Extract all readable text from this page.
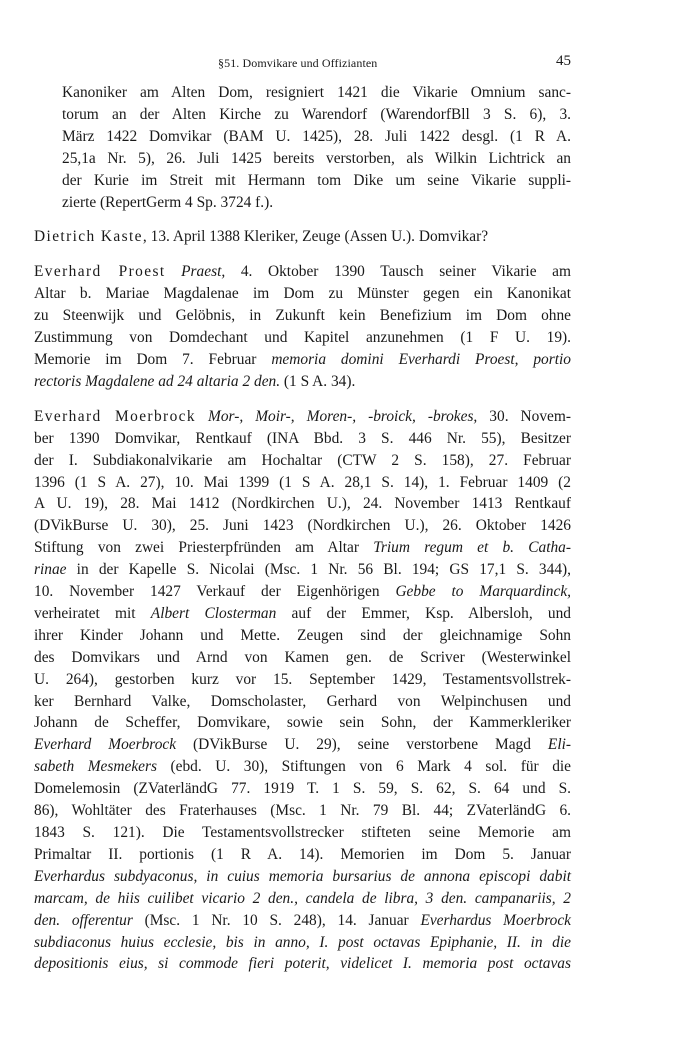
§51. Domvikare und Offizianten	45
Kanoniker am Alten Dom, resigniert 1421 die Vikarie Omnium sanc-
torum an der Alten Kirche zu Warendorf (WarendorfBll 3 S. 6), 3.
März 1422 Domvikar (BAM U. 1425), 28. Juli 1422 desgl. (1 R A.
25,1a Nr. 5), 26. Juli 1425 bereits verstorben, als Wilkin Lichtrick an
der Kurie im Streit mit Hermann tom Dike um seine Vikarie suppli-
zierte (RepertGerm 4 Sp. 3724 f.).
Dietrich Kaste, 13. April 1388 Kleriker, Zeuge (Assen U.). Domvikar?
Everhard Proest Praest, 4. Oktober 1390 Tausch seiner Vikarie am
Altar b. Mariae Magdalenae im Dom zu Münster gegen ein Kanonikat
zu Steenwijk und Gelöbnis, in Zukunft kein Benefizium im Dom ohne
Zustimmung von Domdechant und Kapitel anzunehmen (1 F U. 19).
Memorie im Dom 7. Februar memoria domini Everhardi Proest, portio
rectoris Magdalene ad 24 altaria 2 den. (1 S A. 34).
Everhard Moerbrock Mor-, Moir-, Moren-, -broick, -brokes, 30. Novem-
ber 1390 Domvikar, Rentkauf (INA Bbd. 3 S. 446 Nr. 55), Besitzer
der I. Subdiakonalvikarie am Hochaltar (CTW 2 S. 158), 27. Februar
1396 (1 S A. 27), 10. Mai 1399 (1 S A. 28,1 S. 14), 1. Februar 1409 (2
A U. 19), 28. Mai 1412 (Nordkirchen U.), 24. November 1413 Rentkauf
(DVikBurse U. 30), 25. Juni 1423 (Nordkirchen U.), 26. Oktober 1426
Stiftung von zwei Priesterpfründen am Altar Trium regum et b. Catha-
rinae in der Kapelle S. Nicolai (Msc. 1 Nr. 56 Bl. 194; GS 17,1 S. 344),
10. November 1427 Verkauf der Eigenhörigen Gebbe to Marquardinck,
verheiratet mit Albert Closterman auf der Emmer, Ksp. Albersloh, und
ihrer Kinder Johann und Mette. Zeugen sind der gleichnamige Sohn
des Domvikars und Arnd von Kamen gen. de Scriver (Westerwinkel
U. 264), gestorben kurz vor 15. September 1429, Testamentsvollstrek-
ker Bernhard Valke, Domscholaster, Gerhard von Welpinchusen und
Johann de Scheffer, Domvikare, sowie sein Sohn, der Kammerkleriker
Everhard Moerbrock (DVikBurse U. 29), seine verstorbene Magd Eli-
sabeth Mesmekers (ebd. U. 30), Stiftungen von 6 Mark 4 sol. für die
Domelemosin (ZVaterländG 77. 1919 T. 1 S. 59, S. 62, S. 64 und S.
86), Wohltäter des Fraterhauses (Msc. 1 Nr. 79 Bl. 44; ZVaterländG 6.
1843 S. 121). Die Testamentsvollstrecker stifteten seine Memorie am
Primaltar II. portionis (1 R A. 14). Memorien im Dom 5. Januar
Everhardus subdyaconus, in cuius memoria bursarius de annona episcopi dabit
marcam, de hiis cuilibet vicario 2 den., candela de libra, 3 den. campanariis, 2
den. offerentur (Msc. 1 Nr. 10 S. 248), 14. Januar Everhardus Moerbrock
subdiaconus huius ecclesie, bis in anno, I. post octavas Epiphanie, II. in die
depositionis eius, si commode fieri poterit, videlicet I. memoria post octavas
